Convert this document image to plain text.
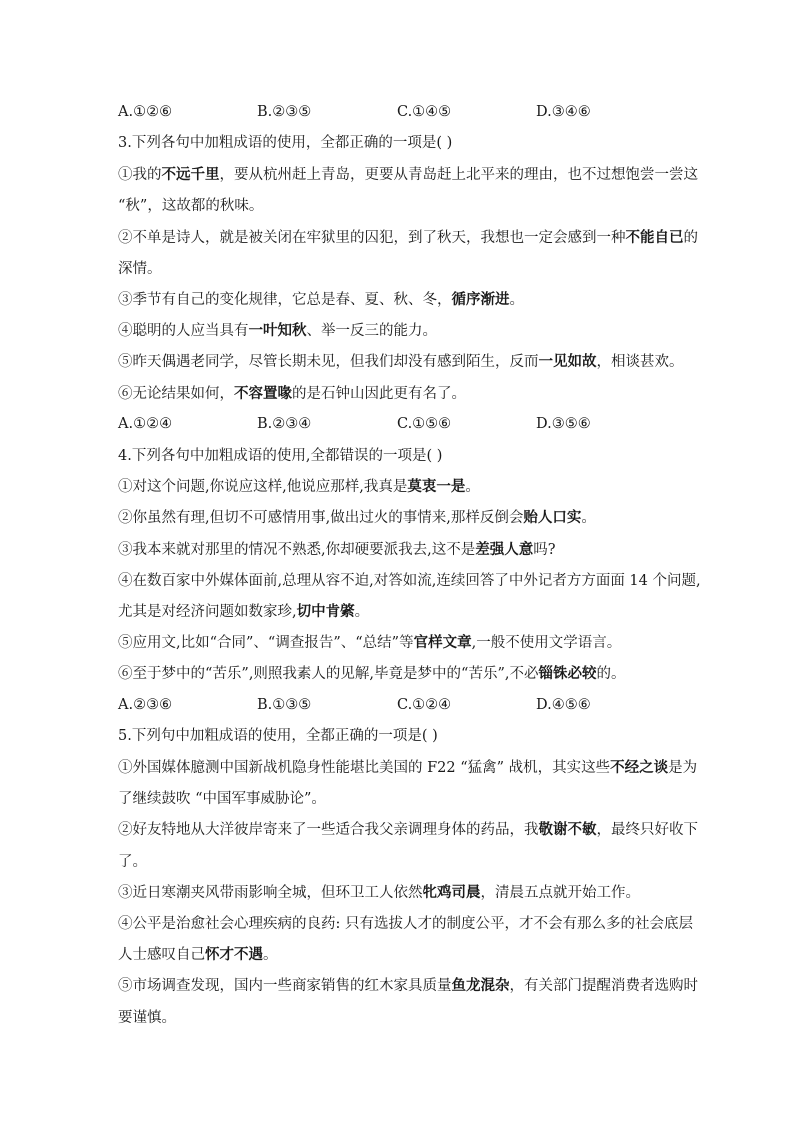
A.①②⑥	B.②③⑤	C.①④⑤	D.③④⑥
3.下列各句中加粗成语的使用，全都正确的一项是( )
①我的不远千里，要从杭州赶上青岛，更要从青岛赶上北平来的理由，也不过想饱尝一尝这
“秋”，这故都的秋味。
②不单是诗人，就是被关闭在牢狱里的囚犯，到了秋天，我想也一定会感到一种不能自已的
深情。
③季节有自己的变化规律，它总是春、夏、秋、冬，循序渐进。
④聪明的人应当具有一叶知秋、举一反三的能力。
⑤昨天偶遇老同学，尽管长期未见，但我们却没有感到陌生，反而一见如故，相谈甚欢。
⑥无论结果如何，不容置喙的是石钟山因此更有名了。
A.①②④	B.②③④	C.①⑤⑥	D.③⑤⑥
4.下列各句中加粗成语的使用,全都错误的一项是( )
①对这个问题,你说应这样,他说应那样,我真是莫衷一是。
②你虽然有理,但切不可感情用事,做出过火的事情来,那样反倒会贻人口实。
③我本来就对那里的情况不熟悉,你却硬要派我去,这不是差强人意吗?
④在数百家中外媒体面前,总理从容不迫,对答如流,连续回答了中外记者方方面面 14 个问题,
尤其是对经济问题如数家珍,切中肯綮。
⑤应用文,比如“合同”、“调查报告”、“总结”等官样文章,一般不使用文学语言。
⑥至于梦中的“苦乐”,则照我素人的见解,毕竟是梦中的“苦乐”,不必锱铢必较的。
A.②③⑥	B.①③⑤	C.①②④	D.④⑤⑥
5.下列句中加粗成语的使用，全都正确的一项是( )
①外国媒体臆测中国新战机隐身性能堪比美国的 F22 “猛禽” 战机，其实这些不经之谈是为
了继续鼓吹 “中国军事威胁论”。
②好友特地从大洋彼岸寄来了一些适合我父亲调理身体的药品，我敬谢不敏，最终只好收下
了。
③近日寒潮夹风带雨影响全城，但环卫工人依然牝鸡司晨，清晨五点就开始工作。
④公平是治愈社会心理疾病的良药: 只有选拔人才的制度公平，才不会有那么多的社会底层
人士感叹自己怀才不遇。
⑤市场调查发现，国内一些商家销售的红木家具质量鱼龙混杂，有关部门提醒消费者选购时
要谨慎。
